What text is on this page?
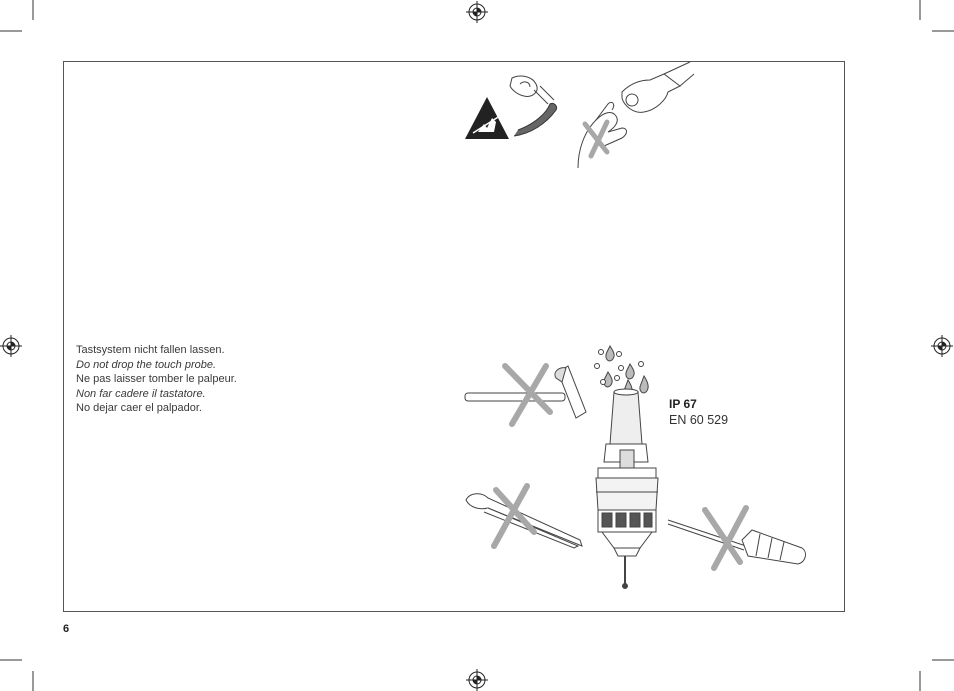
Tastsystem nicht fallen lassen.
Do not drop the touch probe.
Ne pas laisser tomber le palpeur.
Non far cadere il tastatore.
No dejar caer el palpador.	IP 67
EN 60 529
6
